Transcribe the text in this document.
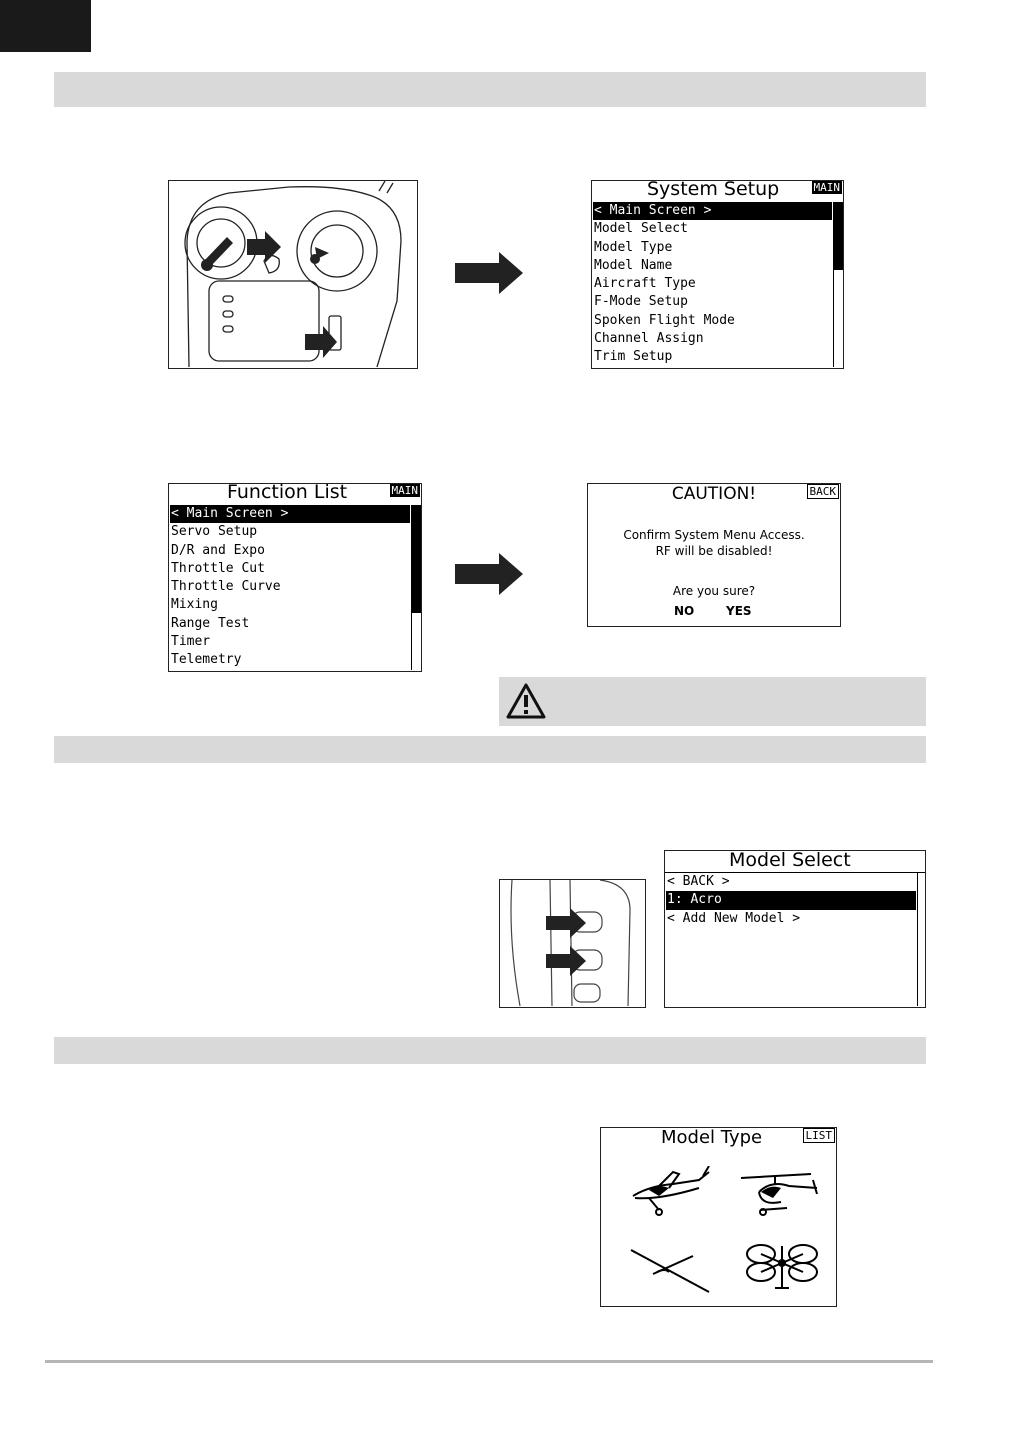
System Setup	MAIN
< Main Screen >
Model Select
Model Type
Model Name
Aircraft Type
F-Mode Setup
Spoken Flight Mode
Channel Assign
Trim Setup
Function List	MAIN
< Main Screen >
Servo Setup
D/R and Expo
Throttle Cut
Throttle Curve
Mixing
Range Test
Timer
Telemetry
CAUTION!	BACK
Confirm System Menu Access.
RF will be disabled!
Are you sure?
NO	YES
Model Select
< BACK >
1: Acro
< Add New Model >
Model Type	LIST
